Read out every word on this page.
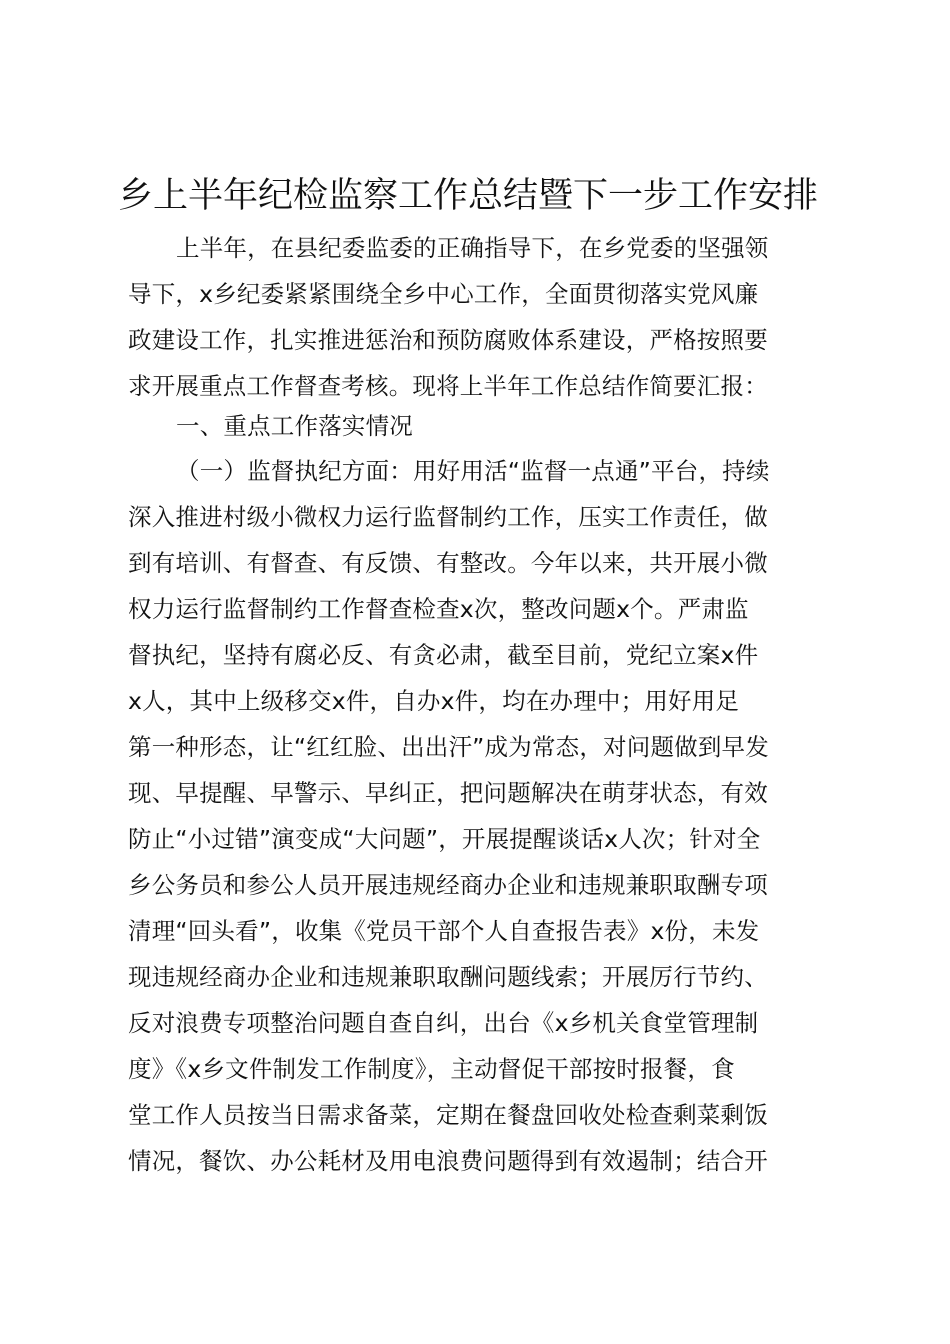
乡上半年纪检监察工作总结暨下一步工作安排
上半年，在县纪委监委的正确指导下，在乡党委的坚强领
导下，x乡纪委紧紧围绕全乡中心工作，全面贯彻落实党风廉
政建设工作，扎实推进惩治和预防腐败体系建设，严格按照要
求开展重点工作督查考核。现将上半年工作总结作简要汇报：
一、重点工作落实情况
（一）监督执纪方面：用好用活“监督一点通”平台，持续
深入推进村级小微权力运行监督制约工作，压实工作责任，做
到有培训、有督查、有反馈、有整改。今年以来，共开展小微
权力运行监督制约工作督查检查x次，整改问题x个。严肃监
督执纪，坚持有腐必反、有贪必肃，截至目前，党纪立案x件
x人，其中上级移交x件，自办x件，均在办理中；用好用足
第一种形态，让“红红脸、出出汗”成为常态，对问题做到早发
现、早提醒、早警示、早纠正，把问题解决在萌芽状态，有效
防止“小过错”演变成“大问题”，开展提醒谈话x人次；针对全
乡公务员和参公人员开展违规经商办企业和违规兼职取酬专项
清理“回头看”，收集《党员干部个人自查报告表》x份，未发
现违规经商办企业和违规兼职取酬问题线索；开展厉行节约、
反对浪费专项整治问题自查自纠，出台《x乡机关食堂管理制
度》《x乡文件制发工作制度》，主动督促干部按时报餐，食
堂工作人员按当日需求备菜，定期在餐盘回收处检查剩菜剩饭
情况，餐饮、办公耗材及用电浪费问题得到有效遏制；结合开
